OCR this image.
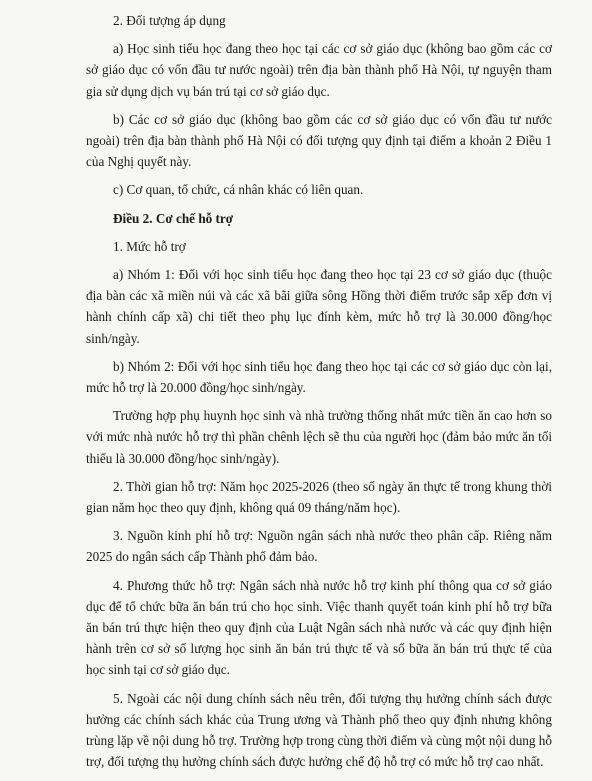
2. Đối tượng áp dụng

a) Học sinh tiểu học đang theo học tại các cơ sở giáo dục (không bao gồm các cơ sở giáo dục có vốn đầu tư nước ngoài) trên địa bàn thành phố Hà Nội, tự nguyện tham gia sử dụng dịch vụ bán trú tại cơ sở giáo dục.

b) Các cơ sở giáo dục (không bao gồm các cơ sở giáo dục có vốn đầu tư nước ngoài) trên địa bàn thành phố Hà Nội có đối tượng quy định tại điểm a khoản 2 Điều 1 của Nghị quyết này.

c) Cơ quan, tổ chức, cá nhân khác có liên quan.

Điều 2. Cơ chế hỗ trợ

1. Mức hỗ trợ

a) Nhóm 1: Đối với học sinh tiểu học đang theo học tại 23 cơ sở giáo dục (thuộc địa bàn các xã miền núi và các xã bãi giữa sông Hồng thời điểm trước sắp xếp đơn vị hành chính cấp xã) chi tiết theo phụ lục đính kèm, mức hỗ trợ là 30.000 đồng/học sinh/ngày.

b) Nhóm 2: Đối với học sinh tiểu học đang theo học tại các cơ sở giáo dục còn lại, mức hỗ trợ là 20.000 đồng/học sinh/ngày.

Trường hợp phụ huynh học sinh và nhà trường thống nhất mức tiền ăn cao hơn so với mức nhà nước hỗ trợ thì phần chênh lệch sẽ thu của người học (đảm bảo mức ăn tối thiểu là 30.000 đồng/học sinh/ngày).

2. Thời gian hỗ trợ: Năm học 2025-2026 (theo số ngày ăn thực tế trong khung thời gian năm học theo quy định, không quá 09 tháng/năm học).

3. Nguồn kinh phí hỗ trợ: Nguồn ngân sách nhà nước theo phân cấp. Riêng năm 2025 do ngân sách cấp Thành phố đảm bảo.

4. Phương thức hỗ trợ: Ngân sách nhà nước hỗ trợ kinh phí thông qua cơ sở giáo dục để tổ chức bữa ăn bán trú cho học sinh. Việc thanh quyết toán kinh phí hỗ trợ bữa ăn bán trú thực hiện theo quy định của Luật Ngân sách nhà nước và các quy định hiện hành trên cơ sở số lượng học sinh ăn bán trú thực tế và số bữa ăn bán trú thực tế của học sinh tại cơ sở giáo dục.

5. Ngoài các nội dung chính sách nêu trên, đối tượng thụ hưởng chính sách được hưởng các chính sách khác của Trung ương và Thành phố theo quy định nhưng không trùng lặp về nội dung hỗ trợ. Trường hợp trong cùng thời điểm và cùng một nội dung hỗ trợ, đối tượng thụ hưởng chính sách được hưởng chế độ hỗ trợ có mức hỗ trợ cao nhất.
